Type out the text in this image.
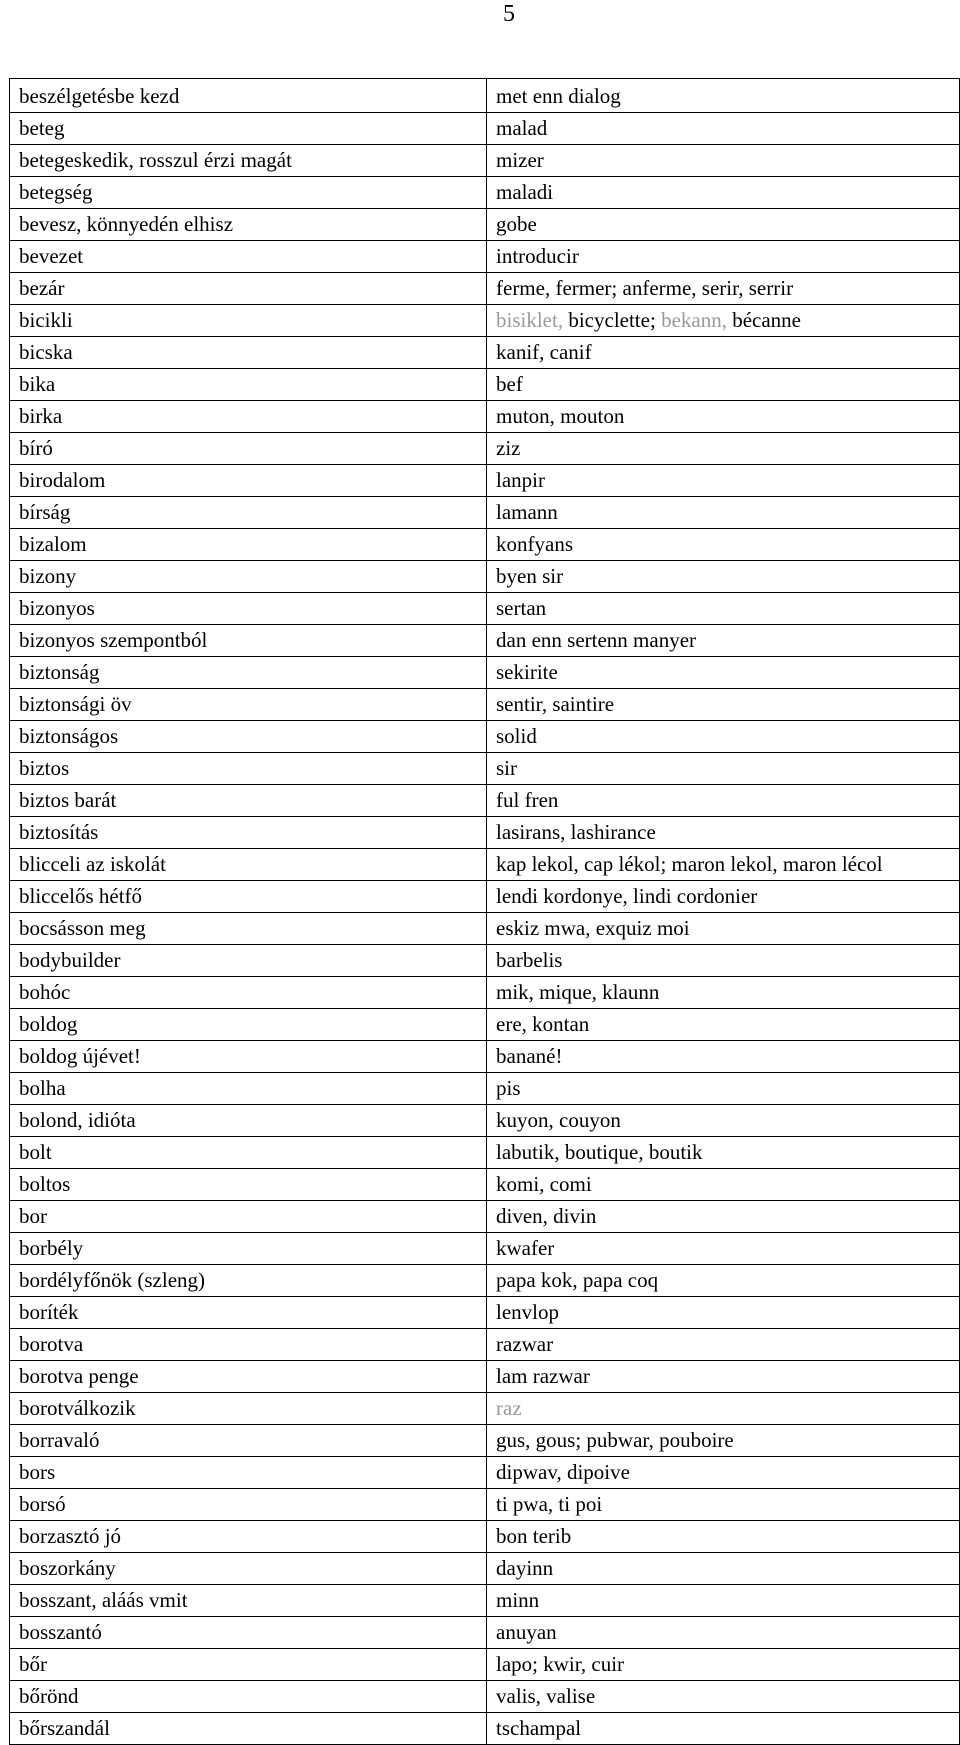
5
beszélgetésbe kezd	met enn dialog
beteg	malad
betegeskedik, rosszul érzi magát	mizer
betegség	maladi
bevesz, könnyedén elhisz	gobe
bevezet	introducir
bezár	ferme, fermer; anferme, serir, serrir
bicikli	bisiklet, bicyclette; bekann, bécanne
bicska	kanif, canif
bika	bef
birka	muton, mouton
bíró	ziz
birodalom	lanpir
bírság	lamann
bizalom	konfyans
bizony	byen sir
bizonyos	sertan
bizonyos szempontból	dan enn sertenn manyer
biztonság	sekirite
biztonsági öv	sentir, saintire
biztonságos	solid
biztos	sir
biztos barát	ful fren
biztosítás	lasirans, lashirance
blicceli az iskolát	kap lekol, cap lékol; maron lekol, maron lécol
bliccelős hétfő	lendi kordonye, lindi cordonier
bocsásson meg	eskiz mwa, exquiz moi
bodybuilder	barbelis
bohóc	mik, mique, klaunn
boldog	ere, kontan
boldog újévet!	banané!
bolha	pis
bolond, idióta	kuyon, couyon
bolt	labutik, boutique, boutik
boltos	komi, comi
bor	diven, divin
borbély	kwafer
bordélyfőnök (szleng)	papa kok, papa coq
boríték	lenvlop
borotva	razwar
borotva penge	lam razwar
borotválkozik	raz
borravaló	gus, gous; pubwar, pouboire
bors	dipwav, dipoive
borsó	ti pwa, ti poi
borzasztó jó	bon terib
boszorkány	dayinn
bosszant, aláás vmit	minn
bosszantó	anuyan
bőr	lapo; kwir, cuir
bőrönd	valis, valise
bőrszandál	tschampal
